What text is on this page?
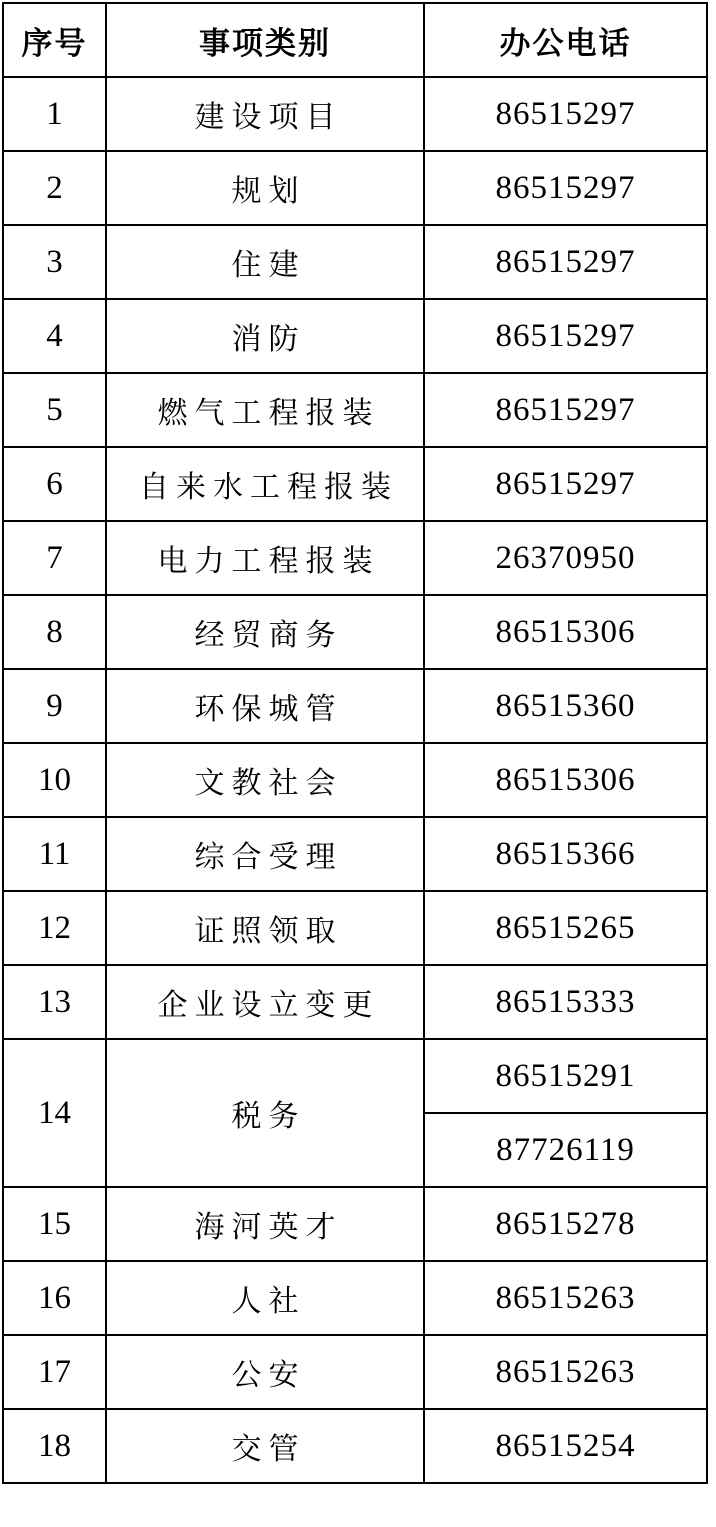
序号	事项类别	办公电话
1	建设项目	86515297
2	规划	86515297
3	住建	86515297
4	消防	86515297
5	燃气工程报装	86515297
6	自来水工程报装	86515297
7	电力工程报装	26370950
8	经贸商务	86515306
9	环保城管	86515360
10	文教社会	86515306
11	综合受理	86515366
12	证照领取	86515265
13	企业设立变更	86515333
14	税务	86515291
		87726119
15	海河英才	86515278
16	人社	86515263
17	公安	86515263
18	交管	86515254
